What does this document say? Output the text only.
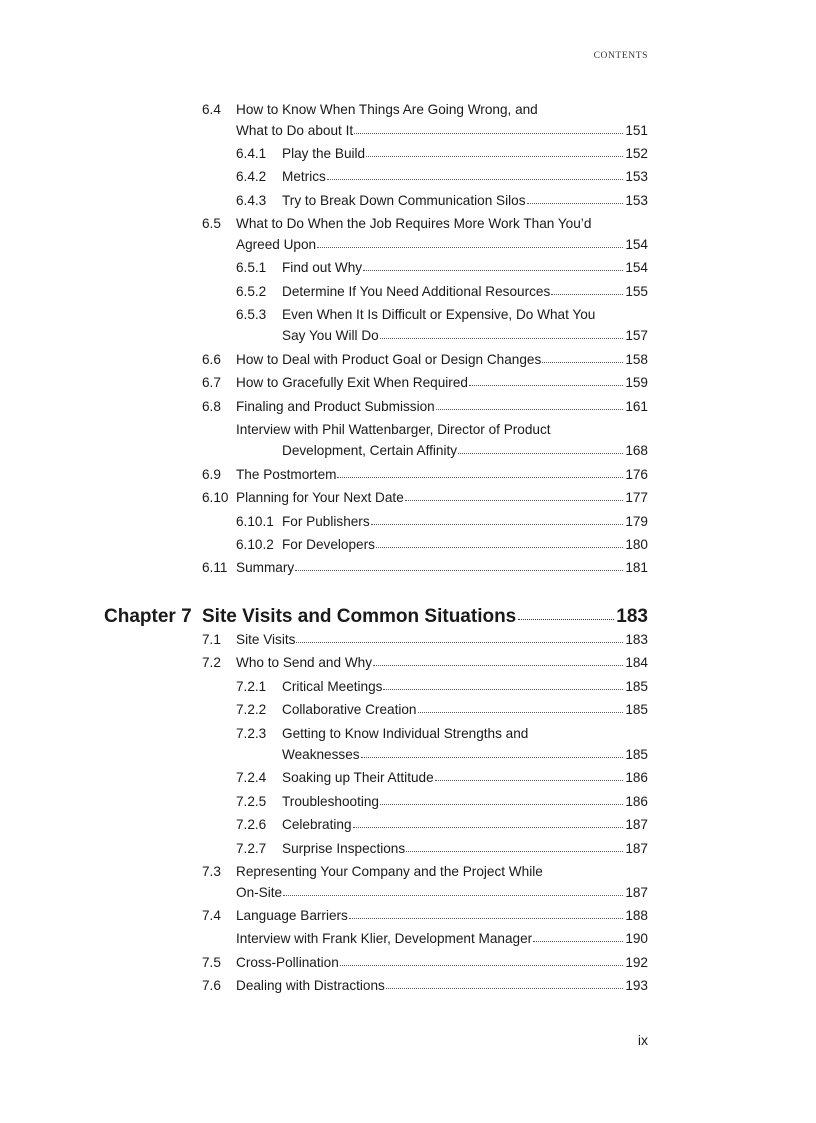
CONTENTS
6.4 How to Know When Things Are Going Wrong, and
What to Do about It	151
6.4.1 Play the Build	152
6.4.2 Metrics	153
6.4.3 Try to Break Down Communication Silos	153
6.5 What to Do When the Job Requires More Work Than You’d
Agreed Upon	154
6.5.1 Find out Why	154
6.5.2 Determine If You Need Additional Resources	155
6.5.3 Even When It Is Difficult or Expensive, Do What You
Say You Will Do	157
6.6 How to Deal with Product Goal or Design Changes	158
6.7 How to Gracefully Exit When Required	159
6.8 Finaling and Product Submission	161
Interview with Phil Wattenbarger, Director of Product
Development, Certain Affinity	168
6.9 The Postmortem	176
6.10 Planning for Your Next Date	177
6.10.1 For Publishers	179
6.10.2 For Developers	180
6.11 Summary	181
Chapter 7 Site Visits and Common Situations	183
7.1 Site Visits	183
7.2 Who to Send and Why	184
7.2.1 Critical Meetings	185
7.2.2 Collaborative Creation	185
7.2.3 Getting to Know Individual Strengths and
Weaknesses	185
7.2.4 Soaking up Their Attitude	186
7.2.5 Troubleshooting	186
7.2.6 Celebrating	187
7.2.7 Surprise Inspections	187
7.3 Representing Your Company and the Project While
On-Site	187
7.4 Language Barriers	188
Interview with Frank Klier, Development Manager	190
7.5 Cross-Pollination	192
7.6 Dealing with Distractions	193
ix
